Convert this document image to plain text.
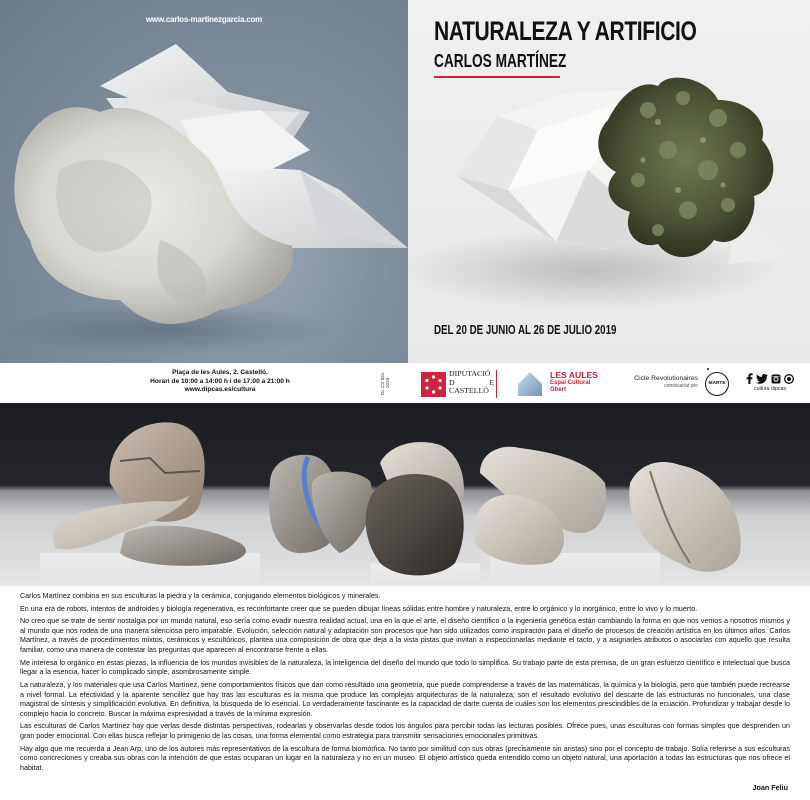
www.carlos-martinezgarcia.com	NATURALEZA Y ARTIFICIO
CARLOS MARTÍNEZ
DEL 20 DE JUNIO AL 26 DE JULIO 2019
Plaça de les Aules, 2. Castelló.
Horari de 10:00 a 14:00 h i de 17:00 a 21:00 h
www.dipcas.es/cultura	DL CS 551-2019
DIPUTACIÓ
D	E
CASTELLÓ
LES AULES
Espai Cultural
Obert
Cicle Revolutionaires
comissariat per	MARTE
cultura dipcas

Carlos Martínez combina en sus esculturas la piedra y la cerámica, conjugando elementos biológicos y minerales.

En una era de robots, intentos de androides y biología regenerativa, es reconfortante creer que se pueden dibujar líneas sólidas entre hombre y naturaleza, entre lo orgánico y lo inorgánico, entre lo vivo y lo muerto.

No creo que se trate de sentir nostalgia por un mundo natural, eso sería como evadir nuestra realidad actual, una en la que el arte, el diseño científico o la ingeniería genética están cambiando la forma en que nos vemos a nosotros mismos y al mundo que nos rodea de una manera silenciosa pero imparable. Evolución, selección natural y adaptación son procesos que han sido utilizados como inspiración para el diseño de procesos de creación artística en los últimos años. Carlos Martínez, a través de procedimientos mixtos, cerámicos y escultóricos, plantea una composición de obra que deja a la vista pistas que invitan a inspeccionarlas mediante el tacto, y a asignarles atributos o asociarlas con aquello que resulta familiar, como una manera de contestar las preguntas que aparecen al encontrarse frente a ellas.

Me interesa lo orgánico en estas piezas, la influencia de los mundos invisibles de la naturaleza, la inteligencia del diseño del mundo que todo lo simplifica. Su trabajo parte de esta premisa, de un gran esfuerzo científico e intelectual que busca llegar a la esencia, hacer lo complicado simple, asombrosamente simple.

La naturaleza, y los materiales que usa Carlos Martínez, tiene comportamientos físicos que dan como resultado una geometría, que puede comprenderse a través de las matemáticas, la química y la biología, pero que también puede recrearse a nivel formal. La efectividad y la aparente sencillez que hay tras las esculturas es la misma que produce las complejas arquitecturas de la naturaleza; son el resultado evolutivo del descarte de las estructuras no funcionales, una clase magistral de síntesis y simplificación evolutiva. En definitiva, la búsqueda de lo esencial. Lo verdaderamente fascinante es la capacidad de darte cuenta de cuáles son los elementos prescindibles de la ecuación. Profundizar y trabajar desde lo complejo hacia lo concreto. Buscar la máxima expresividad a través de la mínima expresión.

Las esculturas de Carlos Martínez hay que verlas desde distintas perspectivas, rodearlas y observarlas desde todos los ángulos para percibir todas las lecturas posibles. Ofrece pues, unas esculturas con formas simples que desprenden un gran poder emocional. Con ellas busca reflejar lo primigenio de las cosas, una forma elemental como estrategia para transmitir sensaciones emocionales primitivas.

Hay algo que me recuerda a Jean Arp, uno de los autores más representativos de la escultura de forma biomórfica. No tanto por similitud con sus obras (precisamente sin aristas) sino por el concepto de trabajo. Solía referirse a sus esculturas como concreciones y creaba sus obras con la intención de que estas ocuparan un lugar en la naturaleza y no en un museo. El objeto artístico queda entendido como un objeto natural, una aportación a todas las estructuras que nos ofrece el habitat.

Joan Feliu
